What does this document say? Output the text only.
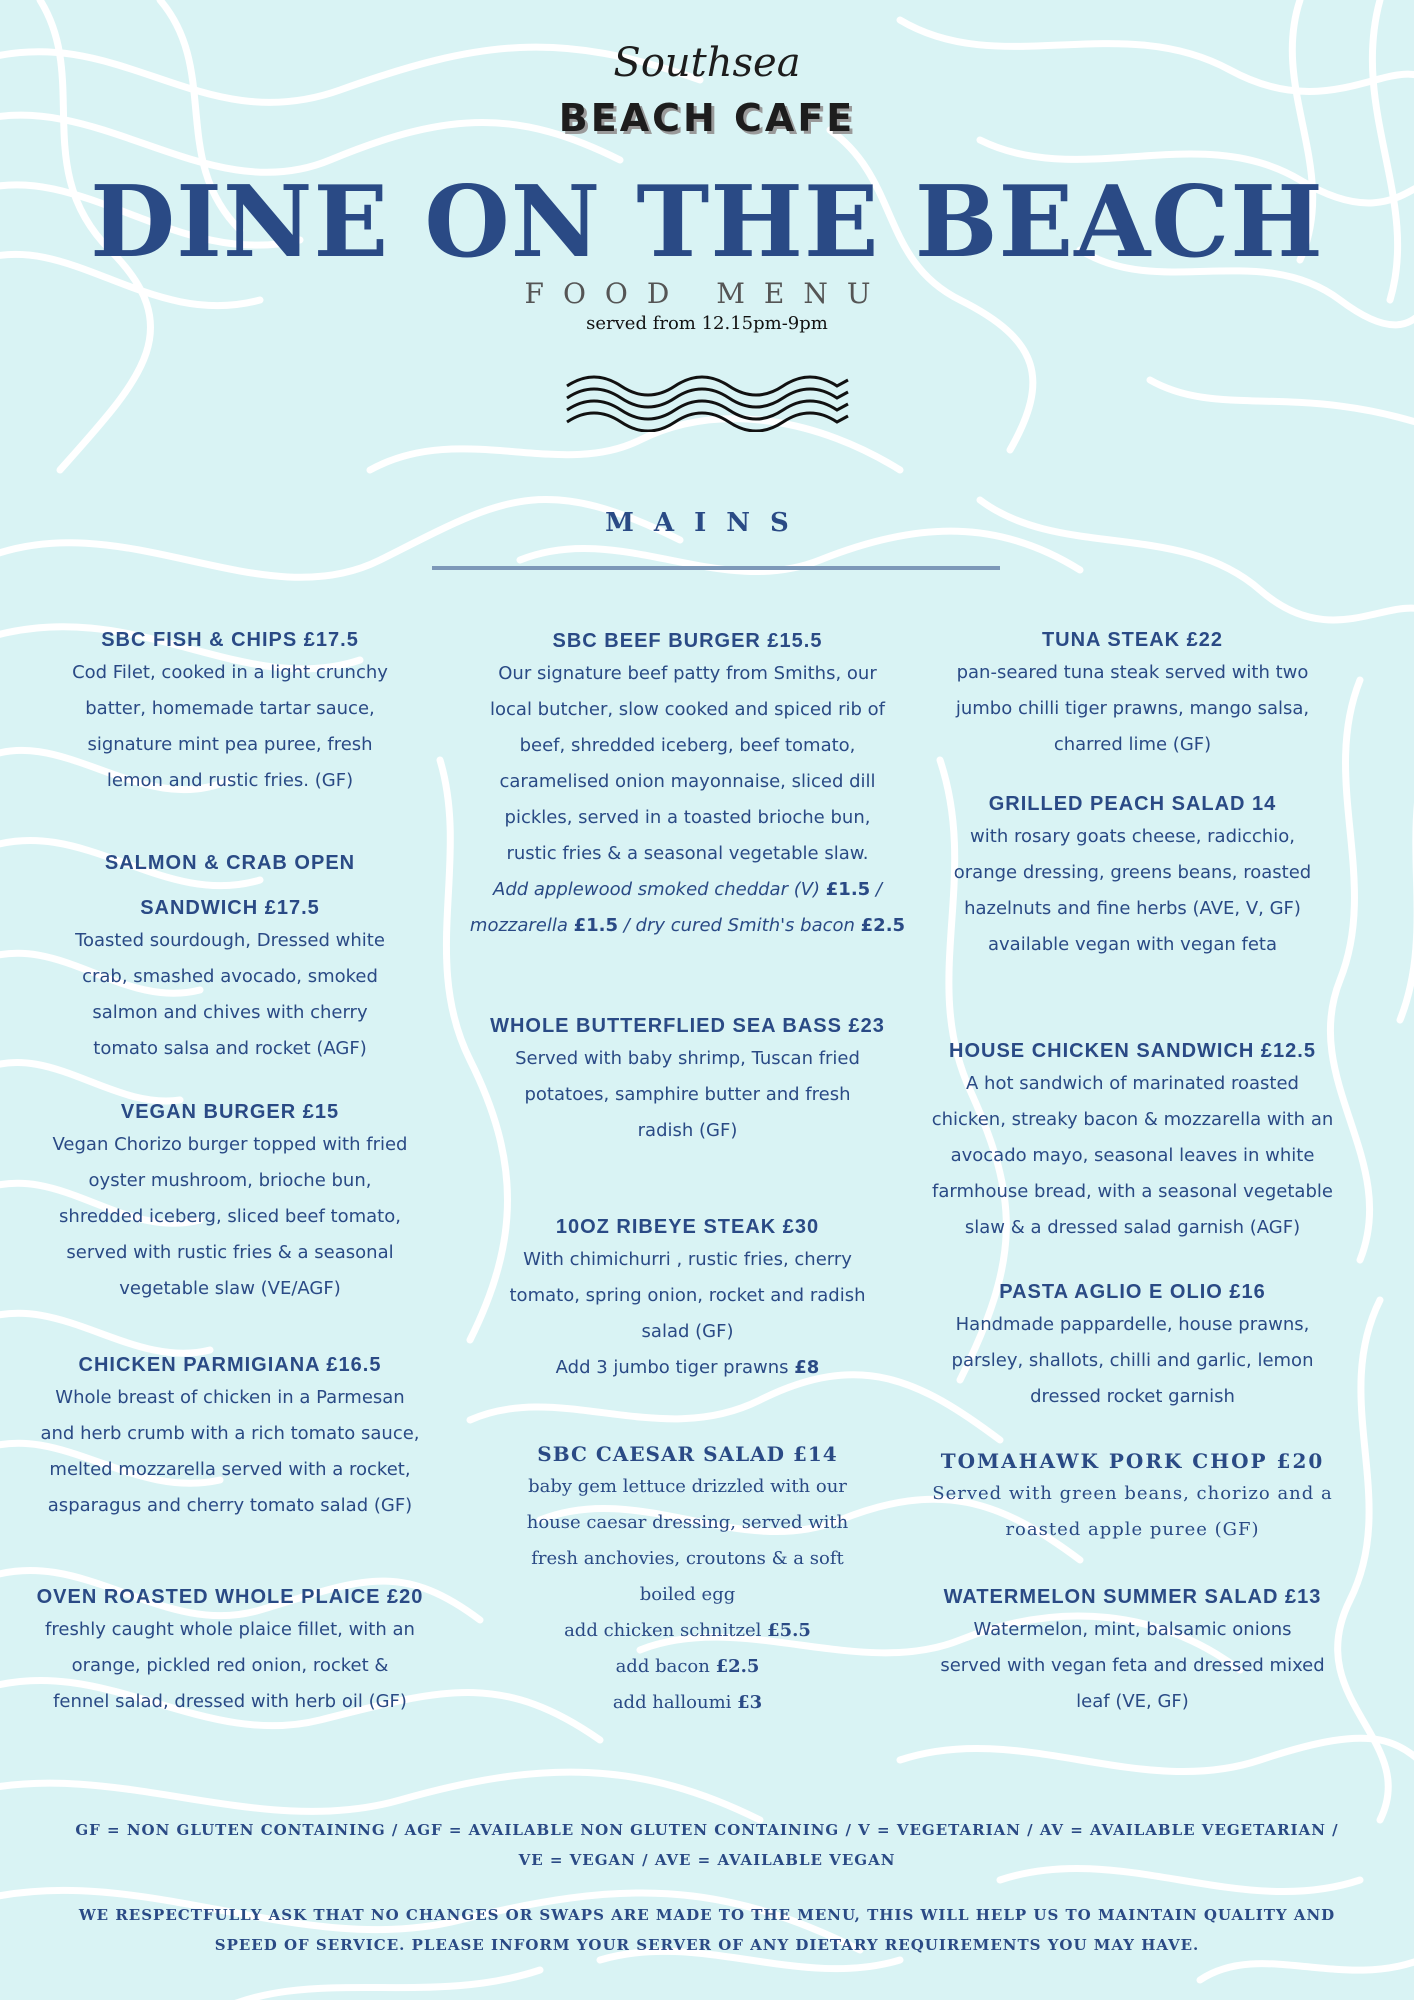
Southsea
BEACH CAFE
DINE ON THE BEACH
FOOD MENU
served from 12.15pm-9pm
MAINS
SBC FISH & CHIPS £17.5
Cod Filet, cooked in a light crunchy
batter, homemade tartar sauce,
signature mint pea puree, fresh
lemon and rustic fries. (GF)
SALMON & CRAB OPEN
SANDWICH £17.5
Toasted sourdough, Dressed white
crab, smashed avocado, smoked
salmon and chives with cherry
tomato salsa and rocket (AGF)
VEGAN BURGER £15
Vegan Chorizo burger topped with fried
oyster mushroom, brioche bun,
shredded iceberg, sliced beef tomato,
served with rustic fries & a seasonal
vegetable slaw (VE/AGF)
CHICKEN PARMIGIANA £16.5
Whole breast of chicken in a Parmesan
and herb crumb with a rich tomato sauce,
melted mozzarella served with a rocket,
asparagus and cherry tomato salad (GF)
OVEN ROASTED WHOLE PLAICE £20
freshly caught whole plaice fillet, with an
orange, pickled red onion, rocket &
fennel salad, dressed with herb oil (GF)
SBC BEEF BURGER £15.5
Our signature beef patty from Smiths, our
local butcher, slow cooked and spiced rib of
beef, shredded iceberg, beef tomato,
caramelised onion mayonnaise, sliced dill
pickles, served in a toasted brioche bun,
rustic fries & a seasonal vegetable slaw.
Add applewood smoked cheddar (V) £1.5 /
mozzarella £1.5 / dry cured Smith's bacon £2.5
WHOLE BUTTERFLIED SEA BASS £23
Served with baby shrimp, Tuscan fried
potatoes, samphire butter and fresh
radish (GF)
10OZ RIBEYE STEAK £30
With chimichurri , rustic fries, cherry
tomato, spring onion, rocket and radish
salad (GF)
Add 3 jumbo tiger prawns £8
SBC CAESAR SALAD £14
baby gem lettuce drizzled with our
house caesar dressing, served with
fresh anchovies, croutons & a soft
boiled egg
add chicken schnitzel £5.5
add bacon £2.5
add halloumi £3
TUNA STEAK £22
pan-seared tuna steak served with two
jumbo chilli tiger prawns, mango salsa,
charred lime (GF)
GRILLED PEACH SALAD 14
with rosary goats cheese, radicchio,
orange dressing, greens beans, roasted
hazelnuts and fine herbs (AVE, V, GF)
available vegan with vegan feta
HOUSE CHICKEN SANDWICH £12.5
A hot sandwich of marinated roasted
chicken, streaky bacon & mozzarella with an
avocado mayo, seasonal leaves in white
farmhouse bread, with a seasonal vegetable
slaw & a dressed salad garnish (AGF)
PASTA AGLIO E OLIO £16
Handmade pappardelle, house prawns,
parsley, shallots, chilli and garlic, lemon
dressed rocket garnish
TOMAHAWK PORK CHOP £20
Served with green beans, chorizo and a
roasted apple puree (GF)
WATERMELON SUMMER SALAD £13
Watermelon, mint, balsamic onions
served with vegan feta and dressed mixed
leaf (VE, GF)
GF = NON GLUTEN CONTAINING / AGF = AVAILABLE NON GLUTEN CONTAINING / V = VEGETARIAN / AV = AVAILABLE VEGETARIAN /
VE = VEGAN / AVE = AVAILABLE VEGAN
WE RESPECTFULLY ASK THAT NO CHANGES OR SWAPS ARE MADE TO THE MENU, THIS WILL HELP US TO MAINTAIN QUALITY AND
SPEED OF SERVICE. PLEASE INFORM YOUR SERVER OF ANY DIETARY REQUIREMENTS YOU MAY HAVE.
